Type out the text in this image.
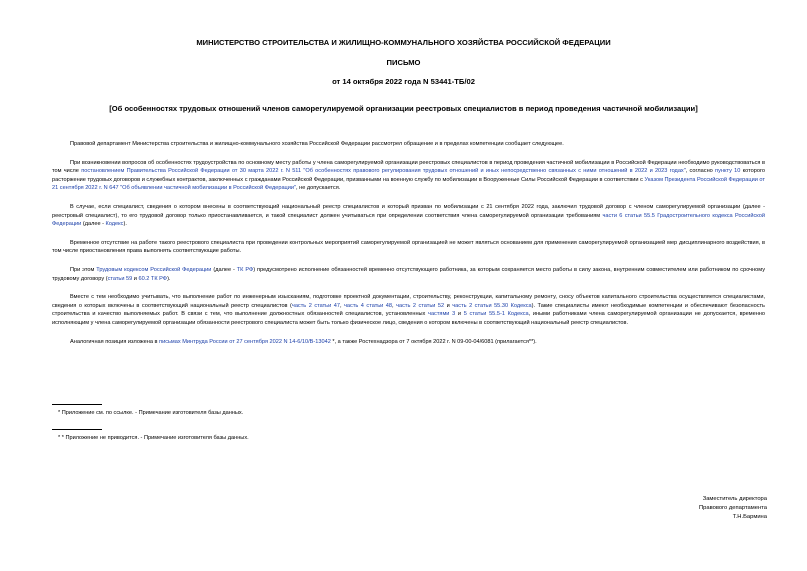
МИНИСТЕРСТВО СТРОИТЕЛЬСТВА И ЖИЛИЩНО-КОММУНАЛЬНОГО ХОЗЯЙСТВА РОССИЙСКОЙ ФЕДЕРАЦИИ
ПИСЬМО
от 14 октября 2022 года N 53441-ТБ/02
[Об особенностях трудовых отношений членов саморегулируемой организации реестровых специалистов в период проведения частичной мобилизации]

Правовой департамент Министерства строительства и жилищно-коммунального хозяйства Российской Федерации рассмотрел обращение и в пределах компетенции сообщает следующее.

При возникновении вопросов об особенностях трудоустройства по основному месту работы у члена саморегулируемой организации реестровых специалистов в период проведения частичной мобилизации в Российской Федерации необходимо руководствоваться в том числе постановлением Правительства Российской Федерации от 30 марта 2022 г. N 511 "Об особенностях правового регулирования трудовых отношений и иных непосредственно связанных с ними отношений в 2022 и 2023 годах", согласно пункту 10 которого расторжение трудовых договоров и служебных контрактов, заключенных с гражданами Российской Федерации, призванными на военную службу по мобилизации в Вооруженные Силы Российской Федерации в соответствии с Указом Президента Российской Федерации от 21 сентября 2022 г. N 647 "Об объявлении частичной мобилизации в Российской Федерации", не допускается.

В случае, если специалист, сведения о котором внесены в соответствующий национальный реестр специалистов и который призван по мобилизации с 21 сентября 2022 года, заключил трудовой договор с членом саморегулируемой организации (далее - реестровый специалист), то его трудовой договор только приостанавливается, и такой специалист должен учитываться при определении соответствия члена саморегулируемой организации требованиям части 6 статьи 55.5 Градостроительного кодекса Российской Федерации (далее - Кодекс).

Временное отсутствие на работе такого реестрового специалиста при проведении контрольных мероприятий саморегулируемой организацией не может являться основанием для применения саморегулируемой организацией мер дисциплинарного воздействия, в том числе приостановления права выполнять соответствующие работы.

При этом Трудовым кодексом Российской Федерации (далее - ТК РФ) предусмотрено исполнение обязанностей временно отсутствующего работника, за которым сохраняется место работы в силу закона, внутренним совместителем или работником по срочному трудовому договору (статьи 59 и 60.2 ТК РФ).

Вместе с тем необходимо учитывать, что выполнение работ по инженерным изысканиям, подготовке проектной документации, строительству, реконструкции, капитальному ремонту, сносу объектов капитального строительства осуществляется специалистами, сведения о которых включены в соответствующий национальный реестр специалистов (часть 2 статьи 47, часть 4 статьи 48, часть 2 статьи 52 и часть 2 статьи 55.30 Кодекса). Такие специалисты имеют необходимые компетенции и обеспечивают безопасность строительства и качество выполняемых работ. В связи с тем, что выполнение должностных обязанностей специалистов, установленных частями 3 и 5 статьи 55.5-1 Кодекса, иными работниками члена саморегулируемой организации не допускается, временно исполняющим у члена саморегулируемой организации обязанности реестрового специалиста может быть только физическое лицо, сведения о котором включены в соответствующий национальный реестр специалистов.

Аналогичная позиция изложена в письмах Минтруда России от 27 сентября 2022 N 14-6/10/В-13042 *, а также Ростехнадзора от 7 октября 2022 г. N 09-00-04/6081 (прилагается**).

* Приложение см. по ссылке. - Примечание изготовителя базы данных.
* * Приложение не приводится. - Примечание изготовителя базы данных.
Заместитель директора
Правового департамента
Т.Н.Бармина
